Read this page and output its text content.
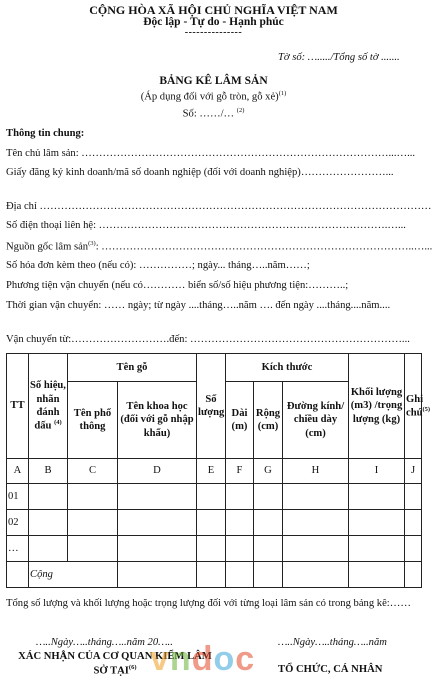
CỘNG HÒA XÃ HỘI CHỦ NGHĨA VIỆT NAM
Độc lập - Tự do - Hạnh phúc
---------------
Tờ số: …...../Tổng số tờ .......
BẢNG KÊ LÂM SẢN
(Áp dụng đối với gỗ tròn, gỗ xẻ)$^{(1)}$
Số: ……/… $^{(2)}$
Thông tin chung:
Tên chủ lâm sản: ……………………………………………………………………………...…...
Giấy đăng ký kinh doanh/mã số doanh nghiệp (đối với doanh nghiệp)……………………...
Địa chỉ …………………………………………………………………………………………………
Số điện thoại liên hệ: ……………………………………………………………………….…...
Nguồn gốc lâm sản$^{(3)}$: ……………………………………………………………………………..…...
Số hóa đơn kèm theo (nếu có): ……………; ngày... tháng…..năm……;
Phương tiện vận chuyển (nếu có………… biển số/số hiệu phương tiện:………..;
Thời gian vận chuyển: …… ngày; từ ngày ....tháng…..năm …. đến ngày ....tháng....năm....
Vận chuyển từ:……………………….đến: ……………………………………………………...
TT	Số hiệu, nhãn đánh dấu $^{(4)}$	Tên gỗ		Số lượng	Kích thước			Khối lượng (m3) /trọng lượng (kg)	Ghi chú$^{(5)}$
		Tên phổ thông	Tên khoa học (đối với gỗ nhập khẩu)		Dài (m)	Rộng (cm)	Đường kính/ chiều dày (cm)		
A	B	C	D	E	F	G	H	I	J
01									
02									
…									
	Cộng								
Tổng số lượng và khối lượng hoặc trọng lượng đối với từng loại lâm sản có trong bảng kê:……
…..Ngày…..tháng…..năm 20…..	…..Ngày…..tháng…..năm
XÁC NHẬN CỦA CƠ QUAN KIỂM LÂM
SỞ TẠI$^{(6)}$	TỔ CHỨC, CÁ NHÂN
vndoc
